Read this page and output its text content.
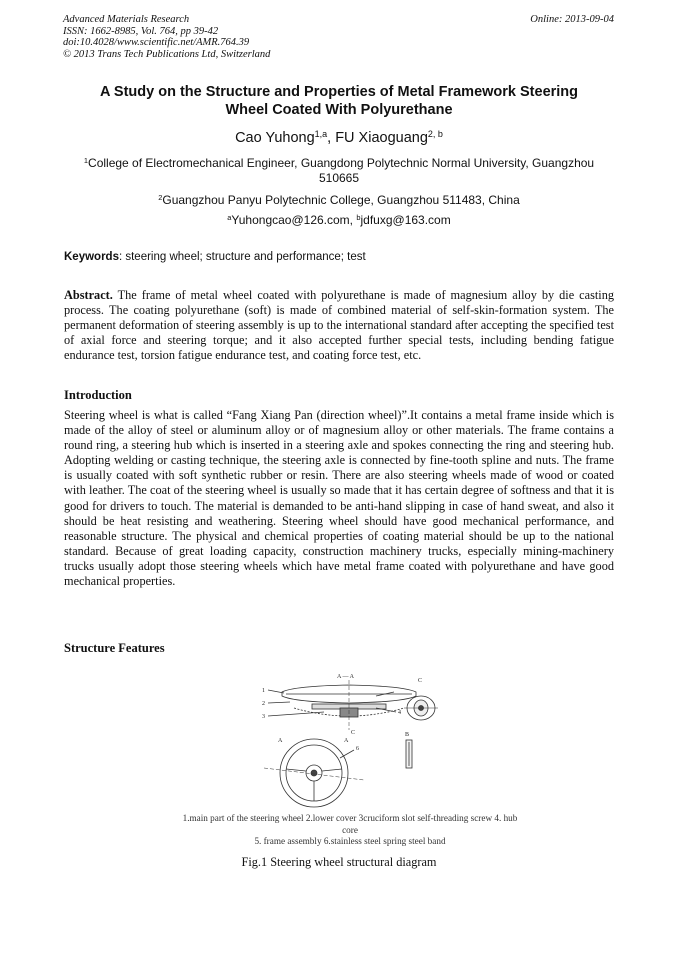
Advanced Materials Research
ISSN: 1662-8985, Vol. 764, pp 39-42
doi:10.4028/www.scientific.net/AMR.764.39
© 2013 Trans Tech Publications Ltd, Switzerland
Online: 2013-09-04
A Study on the Structure and Properties of Metal Framework Steering
Wheel Coated With Polyurethane
Cao Yuhong$^{1,a}$, FU Xiaoguang$^{2, b}$
$^1$College of Electromechanical Engineer, Guangdong Polytechnic Normal University, Guangzhou
510665
$^2$Guangzhou Panyu Polytechnic College, Guangzhou 511483, China
$^a$Yuhongcao@126.com, $^b$jdfuxg@163.com
Keywords: steering wheel; structure and performance; test
Abstract. The frame of metal wheel coated with polyurethane is made of magnesium alloy by die casting process. The coating polyurethane (soft) is made of combined material of self-skin-formation system. The permanent deformation of steering assembly is up to the international standard after accepting the specified test of axial force and steering torque; and it also accepted further special tests, including bending fatigue endurance test, torsion fatigue endurance test, and coating force test, etc.
Introduction
Steering wheel is what is called “Fang Xiang Pan (direction wheel)”.It contains a metal frame inside which is made of the alloy of steel or aluminum alloy or of magnesium alloy or other materials. The frame contains a round ring, a steering hub which is inserted in a steering axle and spokes connecting the ring and steering hub. Adopting welding or casting technique, the steering axle is connected by fine-tooth spline and nuts. The frame is usually coated with soft synthetic rubber or resin. There are also steering wheels made of wood or coated with leather. The coat of the steering wheel is usually so made that it has certain degree of softness and that it is good for drivers to touch. The material is demanded to be anti-hand slipping in case of hand sweat, and also it should be heat resisting and weathering. Steering wheel should have good mechanical performance, and reasonable structure. The physical and chemical properties of coating material should be up to the national standard. Because of great loading capacity, construction machinery trucks, especially mining-machinery trucks usually adopt those steering wheels which have metal frame coated with polyurethane and have good mechanical properties.
Structure Features
A — A
C
1
2
3
4
C	B
A	A
6
1.main part of the steering wheel 2.lower cover 3cruciform slot self-threading screw 4. hub
core
5. frame assembly 6.stainless steel spring steel band
Fig.1 Steering wheel structural diagram
